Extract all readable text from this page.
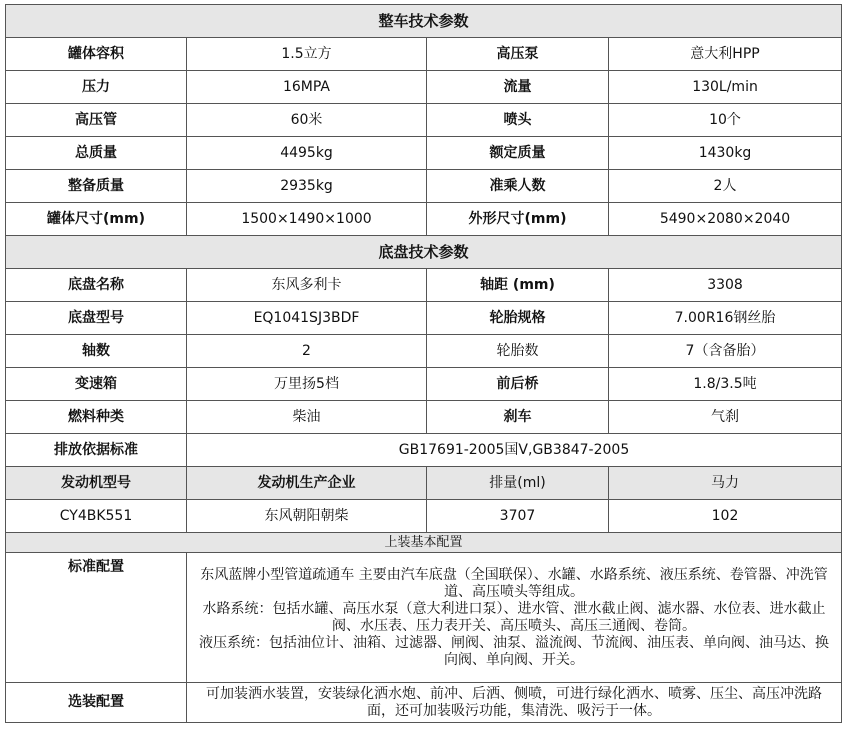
整车技术参数			
罐体容积	1.5立方	高压泵	意大利HPP
压力	16MPA	流量	130L/min
高压管	60米	喷头	10个
总质量	4495kg	额定质量	1430kg
整备质量	2935kg	准乘人数	2人
罐体尺寸(mm)	1500×1490×1000	外形尺寸(mm)	5490×2080×2040
底盘技术参数			
底盘名称	东风多利卡	轴距 (mm)	3308
底盘型号	EQ1041SJ3BDF	轮胎规格	7.00R16钢丝胎
轴数	2	轮胎数	7（含备胎）
变速箱	万里扬5档	前后桥	1.8/3.5吨
燃料种类	柴油	刹车	气刹
排放依据标准	GB17691-2005国Ⅴ,GB3847-2005		
发动机型号	发动机生产企业	排量(ml)	马力
CY4BK551	东风朝阳朝柴	3707	102
上装基本配置			
标准配置	东风蓝牌小型管道疏通车 主要由汽车底盘（全国联保）、水罐、水路系统、液压系统、卷管器、冲洗管道、高压喷头等组成。

水路系统：包括水罐、高压水泵（意大利进口泵）、进水管、泄水截止阀、滤水器、水位表、进水截止阀、水压表、压力表开关、高压喷头、高压三通阀、卷筒。

液压系统：包括油位计、油箱、过滤器、闸阀、油泵、溢流阀、节流阀、油压表、单向阀、油马达、换向阀、单向阀、开关。		

选装配置	可加装洒水装置，安装绿化洒水炮、前冲、后洒、侧喷，可进行绿化洒水、喷雾、压尘、高压冲洗路面，还可加装吸污功能，集清洗、吸污于一体。		
